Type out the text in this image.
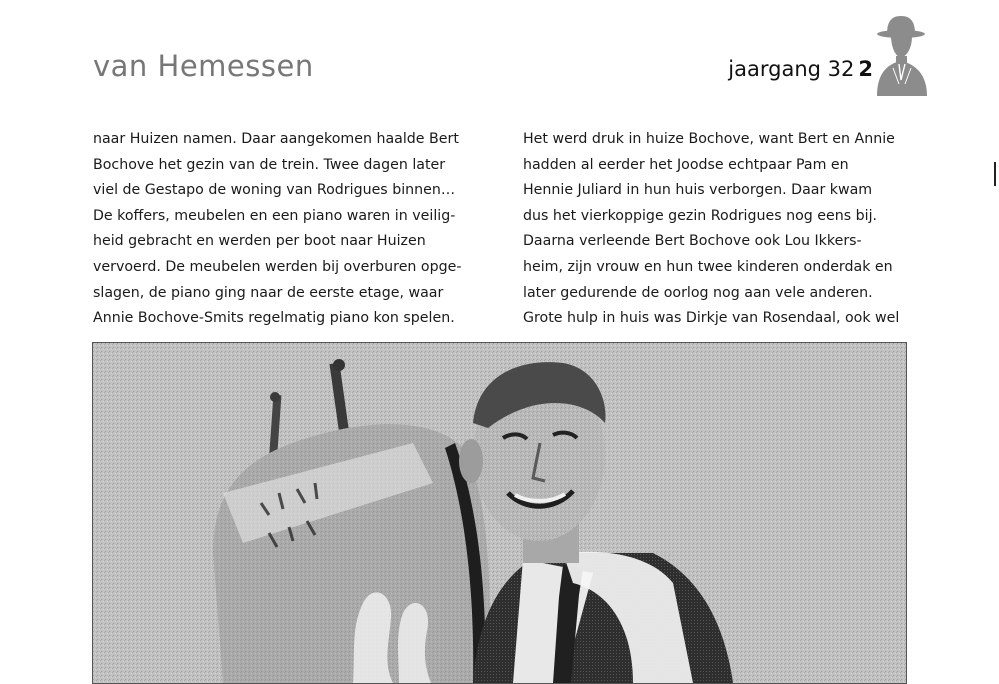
van Hemessen	jaargang 32 2
naar Huizen namen. Daar aangekomen haalde Bert
Bochove het gezin van de trein. Twee dagen later
viel de Gestapo de woning van Rodrigues binnen…
De koffers, meubelen en een piano waren in veilig-
heid gebracht en werden per boot naar Huizen
vervoerd. De meubelen werden bij overburen opge-
slagen, de piano ging naar de eerste etage, waar
Annie Bochove-Smits regelmatig piano kon spelen.
Het werd druk in huize Bochove, want Bert en Annie
hadden al eerder het Joodse echtpaar Pam en
Hennie Juliard in hun huis verborgen. Daar kwam
dus het vierkoppige gezin Rodrigues nog eens bij.
Daarna verleende Bert Bochove ook Lou Ikkers-
heim, zijn vrouw en hun twee kinderen onderdak en
later gedurende de oorlog nog aan vele anderen.
Grote hulp in huis was Dirkje van Rosendaal, ook wel
